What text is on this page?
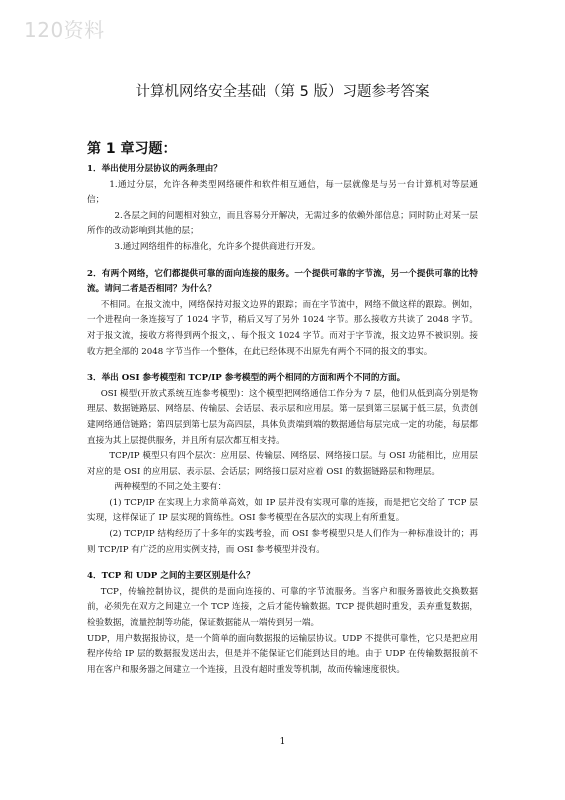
120资料
计算机网络安全基础（第 5 版）习题参考答案
第 1 章习题：

1．举出使用分层协议的两条理由？

1.通过分层，允许各种类型网络硬件和软件相互通信，每一层就像是与另一台计算机对等层通信；

2.各层之间的问题相对独立，而且容易分开解决，无需过多的依赖外部信息；同时防止对某一层所作的改动影响到其他的层；

3.通过网络组件的标准化，允许多个提供商进行开发。

2．有两个网络，它们都提供可靠的面向连接的服务。一个提供可靠的字节流，另一个提供可靠的比特流。请问二者是否相同？为什么？

不相同。在报文流中，网络保持对报文边界的跟踪；而在字节流中，网络不做这样的跟踪。例如，一个进程向一条连接写了 1024 字节，稍后又写了另外 1024 字节。那么接收方共读了 2048 字节。对于报文流，接收方将得到两个报文，、每个报文 1024 字节。而对于字节流，报文边界不被识别。接收方把全部的 2048 字节当作一个整体，在此已经体现不出原先有两个不同的报文的事实。

3．举出 OSI 参考模型和 TCP/IP 参考模型的两个相同的方面和两个不同的方面。

OSI 模型(开放式系统互连参考模型)：这个模型把网络通信工作分为 7 层，他们从低到高分别是物理层、数据链路层、网络层、传输层、会话层、表示层和应用层。第一层到第三层属于低三层，负责创建网络通信链路；第四层到第七层为高四层，具体负责端到端的数据通信每层完成一定的功能，每层都直接为其上层提供服务，并且所有层次都互相支持。

TCP/IP 模型只有四个层次：应用层、传输层、网络层、网络接口层。与 OSI 功能相比，应用层对应的是 OSI 的应用层、表示层、会话层；网络接口层对应着 OSI 的数据链路层和物理层。

两种模型的不同之处主要有：

(1) TCP/IP 在实现上力求简单高效，如 IP 层并没有实现可靠的连接，而是把它交给了 TCP 层实现，这样保证了 IP 层实现的简练性。OSI 参考模型在各层次的实现上有所重复。

(2) TCP/IP 结构经历了十多年的实践考验，而 OSI 参考模型只是人们作为一种标准设计的；再则 TCP/IP 有广泛的应用实例支持，而 OSI 参考模型并没有。

4．TCP 和 UDP 之间的主要区别是什么？

TCP，传输控制协议，提供的是面向连接的、可靠的字节流服务。当客户和服务器彼此交换数据前，必须先在双方之间建立一个 TCP 连接，之后才能传输数据。TCP 提供超时重发，丢弃重复数据，检验数据，流量控制等功能，保证数据能从一端传到另一端。

UDP，用户数据报协议，是一个简单的面向数据报的运输层协议。UDP 不提供可靠性，它只是把应用程序传给 IP 层的数据报发送出去，但是并不能保证它们能到达目的地。由于 UDP 在传输数据报前不用在客户和服务器之间建立一个连接，且没有超时重发等机制，故而传输速度很快。

1
